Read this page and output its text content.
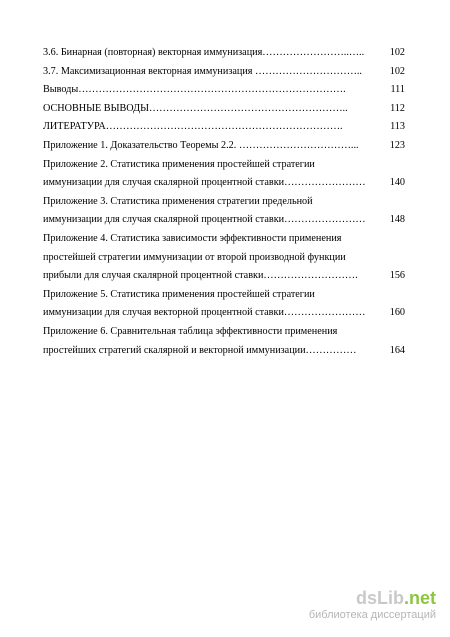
3.6. Бинарная (повторная) векторная иммунизация……………………..…..	102
3.7. Максимизационная векторная иммунизация …………………………..	102
Выводы…………………………………………………………………….	111
ОСНОВНЫЕ ВЫВОДЫ…………………………………………………..	112
ЛИТЕРАТУРА…………………………………………………………….	113
Приложение 1. Доказательство Теоремы 2.2. ……………………………...	123
Приложение 2. Статистика применения простейшей стратегии
иммунизации для случая скалярной процентной ставки……………………	140
Приложение 3. Статистика применения стратегии предельной
иммунизации для случая скалярной процентной ставки……………………	148
Приложение 4. Статистика зависимости эффективности применения
простейшей стратегии иммунизации от второй производной функции
прибыли для случая скалярной процентной ставки……………………….	156
Приложение 5. Статистика применения простейшей стратегии
иммунизации для случая векторной процентной ставки……………………	160
Приложение 6. Сравнительная таблица эффективности применения
простейших стратегий скалярной и векторной иммунизации……………	164
dsLib.net
библиотека диссертаций
